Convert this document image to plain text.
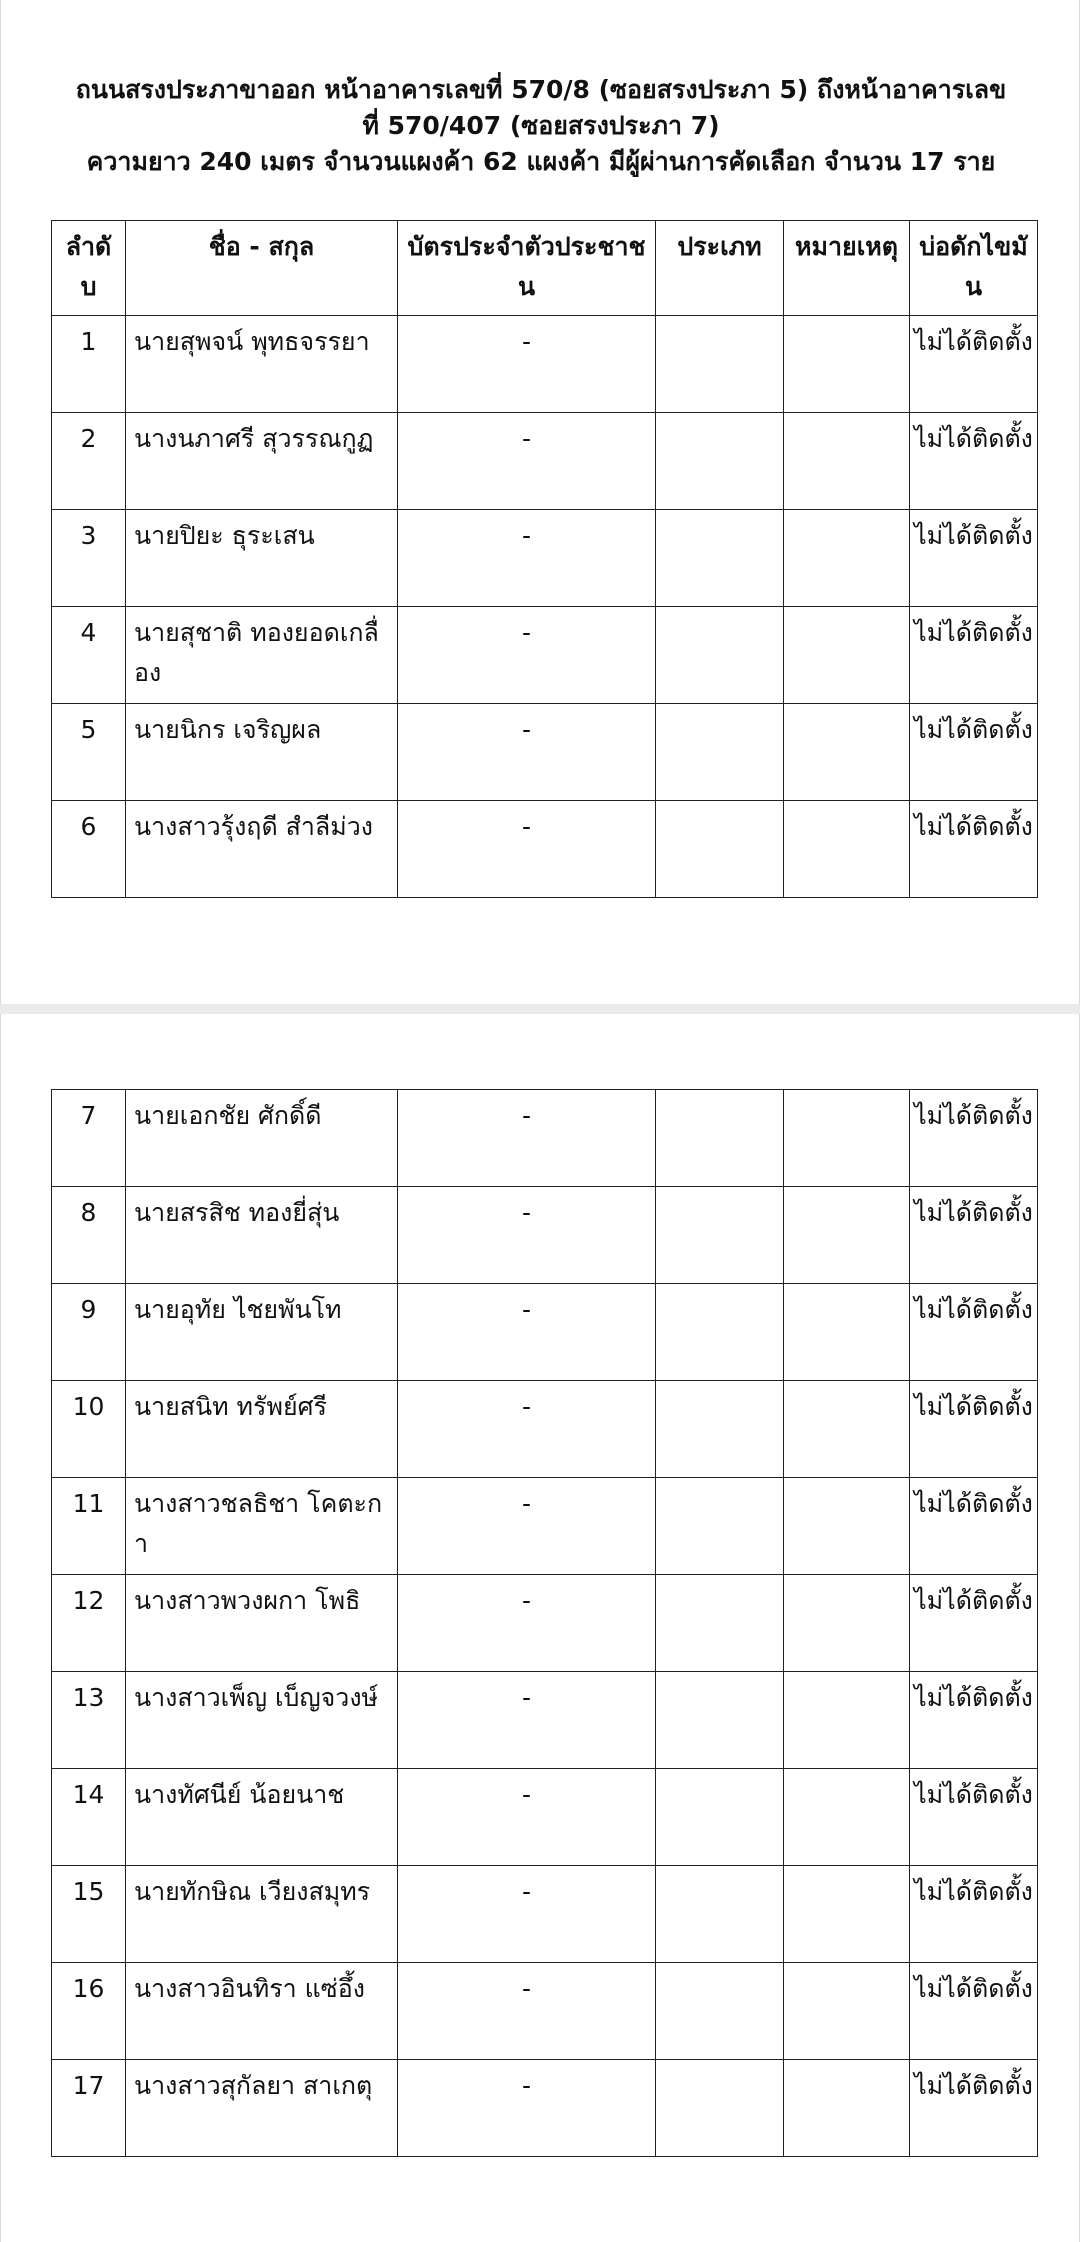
ถนนสรงประภาขาออก หน้าอาคารเลขที่ 570/8 (ซอยสรงประภา 5) ถึงหน้าอาคารเลข
ที่ 570/407 (ซอยสรงประภา 7)
ความยาว 240 เมตร จำนวนแผงค้า 62 แผงค้า มีผู้ผ่านการคัดเลือก จำนวน 17 ราย
ลำดับ	ชื่อ - สกุล	บัตรประจำตัวประชาชน	ประเภท	หมายเหตุ	บ่อดักไขมัน
1	นายสุพจน์ พุทธจรรยา	-			ไม่ได้ติดตั้ง
2	นางนภาศรี สุวรรณกูฏ	-			ไม่ได้ติดตั้ง
3	นายปิยะ ธุระเสน	-			ไม่ได้ติดตั้ง
4	นายสุชาติ ทองยอดเกลื่อง	-			ไม่ได้ติดตั้ง
5	นายนิกร เจริญผล	-			ไม่ได้ติดตั้ง
6	นางสาวรุ้งฤดี สำลีม่วง	-			ไม่ได้ติดตั้ง
7	นายเอกชัย ศักดิ์ดี	-			ไม่ได้ติดตั้ง
8	นายสรสิช ทองยี่สุ่น	-			ไม่ได้ติดตั้ง
9	นายอุทัย ไชยพันโท	-			ไม่ได้ติดตั้ง
10	นายสนิท ทรัพย์ศรี	-			ไม่ได้ติดตั้ง
11	นางสาวชลธิชา โคตะกา	-			ไม่ได้ติดตั้ง
12	นางสาวพวงผกา โพธิ	-			ไม่ได้ติดตั้ง
13	นางสาวเพ็ญ เบ็ญจวงษ์	-			ไม่ได้ติดตั้ง
14	นางทัศนีย์ น้อยนาช	-			ไม่ได้ติดตั้ง
15	นายทักษิณ เวียงสมุทร	-			ไม่ได้ติดตั้ง
16	นางสาวอินทิรา แซ่อึ้ง	-			ไม่ได้ติดตั้ง
17	นางสาวสุกัลยา สาเกตุ	-			ไม่ได้ติดตั้ง
